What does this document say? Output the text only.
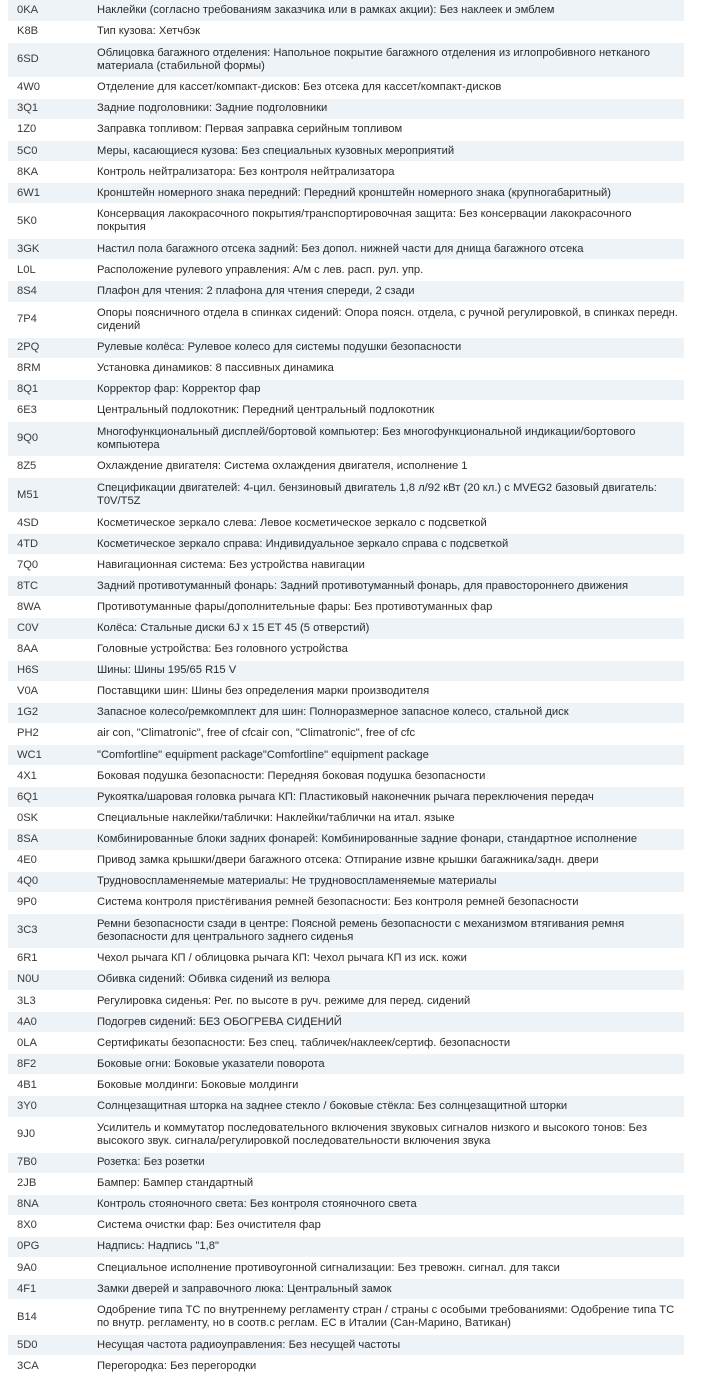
0KA	Наклейки (согласно требованиям заказчика или в рамках акции): Без наклеек и эмблем
K8B	Тип кузова: Хетчбэк
6SD	Облицовка багажного отделения: Напольное покрытие багажного отделения из иглопробивного нетканого материала (стабильной формы)
4W0	Отделение для кассет/компакт-дисков: Без отсека для кассет/компакт-дисков
3Q1	Задние подголовники: Задние подголовники
1Z0	Заправка топливом: Первая заправка серийным топливом
5C0	Меры, касающиеся кузова: Без специальных кузовных мероприятий
8KA	Контроль нейтрализатора: Без контроля нейтрализатора
6W1	Кронштейн номерного знака передний: Передний кронштейн номерного знака (крупногабаритный)
5K0	Консервация лакокрасочного покрытия/транспортировочная защита: Без консервации лакокрасочного покрытия
3GK	Настил пола багажного отсека задний: Без допол. нижней части для днища багажного отсека
L0L	Расположение рулевого управления: А/м с лев. расп. рул. упр.
8S4	Плафон для чтения: 2 плафона для чтения спереди, 2 сзади
7P4	Опоры поясничного отдела в спинках сидений: Опора поясн. отдела, с ручной регулировкой, в спинках передн. сидений
2PQ	Рулевые колёса: Рулевое колесо для системы подушки безопасности
8RM	Установка динамиков: 8 пассивных динамика
8Q1	Корректор фар: Корректор фар
6E3	Центральный подлокотник: Передний центральный подлокотник
9Q0	Многофункциональный дисплей/бортовой компьютер: Без многофункциональной индикации/бортового компьютера
8Z5	Охлаждение двигателя: Система охлаждения двигателя, исполнение 1
M51	Спецификации двигателей: 4-цил. бензиновый двигатель 1,8 л/92 кВт (20 кл.) с MVEG2 базовый двигатель: T0V/T5Z
4SD	Косметическое зеркало слева: Левое косметическое зеркало с подсветкой
4TD	Косметическое зеркало справа: Индивидуальное зеркало справа с подсветкой
7Q0	Навигационная система: Без устройства навигации
8TC	Задний противотуманный фонарь: Задний противотуманный фонарь, для правостороннего движения
8WA	Противотуманные фары/дополнительные фары: Без противотуманных фар
C0V	Колёса: Стальные диски 6J x 15 ET 45 (5 отверстий)
8AA	Головные устройства: Без головного устройства
H6S	Шины: Шины 195/65 R15 V
V0A	Поставщики шин: Шины без определения марки производителя
1G2	Запасное колесо/ремкомплект для шин: Полноразмерное запасное колесо, стальной диск
PH2	air con, "Climatronic", free of cfcair con, "Climatronic", free of cfc
WC1	"Comfortline" equipment package"Comfortline" equipment package
4X1	Боковая подушка безопасности: Передняя боковая подушка безопасности
6Q1	Рукоятка/шаровая головка рычага КП: Пластиковый наконечник рычага переключения передач
0SK	Специальные наклейки/таблички: Наклейки/таблички на итал. языке
8SA	Комбинированные блоки задних фонарей: Комбинированные задние фонари, стандартное исполнение
4E0	Привод замка крышки/двери багажного отсека: Отпирание извне крышки багажника/задн. двери
4Q0	Трудновоспламеняемые материалы: Не трудновоспламеняемые материалы
9P0	Система контроля пристёгивания ремней безопасности: Без контроля ремней безопасности
3C3	Ремни безопасности сзади в центре: Поясной ремень безопасности с механизмом втягивания ремня безопасности для центрального заднего сиденья
6R1	Чехол рычага КП / облицовка рычага КП: Чехол рычага КП из иск. кожи
N0U	Обивка сидений: Обивка сидений из велюра
3L3	Регулировка сиденья: Рег. по высоте в руч. режиме для перед. сидений
4A0	Подогрев сидений: БЕЗ ОБОГРЕВА СИДЕНИЙ
0LA	Сертификаты безопасности: Без спец. табличек/наклеек/сертиф. безопасности
8F2	Боковые огни: Боковые указатели поворота
4B1	Боковые молдинги: Боковые молдинги
3Y0	Солнцезащитная шторка на заднее стекло / боковые стёкла: Без солнцезащитной шторки
9J0	Усилитель и коммутатор последовательного включения звуковых сигналов низкого и высокого тонов: Без высокого звук. сигнала/регулировкой последовательности включения звука
7B0	Розетка: Без розетки
2JB	Бампер: Бампер стандартный
8NA	Контроль стояночного света: Без контроля стояночного света
8X0	Система очистки фар: Без очистителя фар
0PG	Надпись: Надпись "1,8"
9A0	Специальное исполнение противоугонной сигнализации: Без тревожн. сигнал. для такси
4F1	Замки дверей и заправочного люка: Центральный замок
B14	Одобрение типа ТС по внутреннему регламенту стран / страны с особыми требованиями: Одобрение типа ТС по внутр. регламенту, но в соотв.с реглам. ЕС в Италии (Сан-Марино, Ватикан)
5D0	Несущая частота радиоуправления: Без несущей частоты
3CA	Перегородка: Без перегородки
